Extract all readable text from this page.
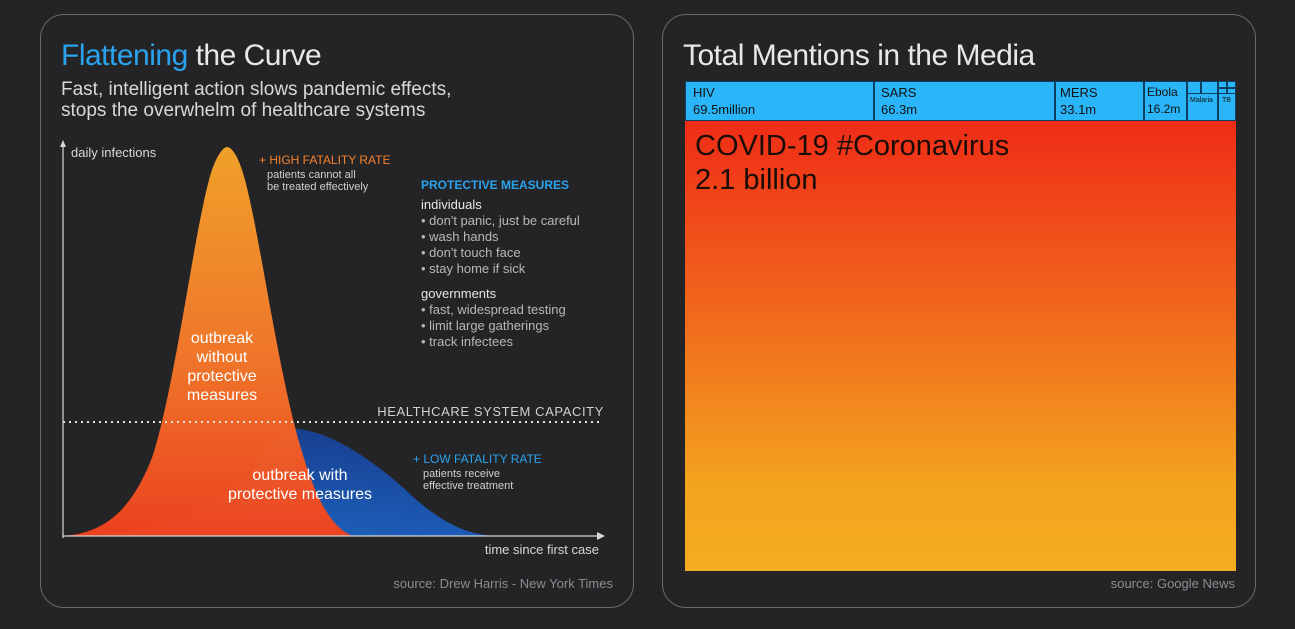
Flattening the Curve
Fast, intelligent action slows pandemic effects,
stops the overwhelm of healthcare systems
daily infections
time since first case
HEALTHCARE SYSTEM CAPACITY
+ HIGH FATALITY RATE
patients cannot all
be treated effectively	PROTECTIVE MEASURES
individuals
• don't panic, just be careful
• wash hands
• don't touch face
• stay home if sick
governments
• fast, widespread testing
• limit large gatherings
• track infectees
outbreak
without
protective
measures
outbreak with
protective measures
+ LOW FATALITY RATE
patients receive
effective treatment
source: Drew Harris - New York Times
Total Mentions in the Media
HIV
69.5million
SARS
66.3m
MERS
33.1m
Ebola
16.2m
Malaria TB
COVID-19 #Coronavirus
2.1 billion
source: Google News
